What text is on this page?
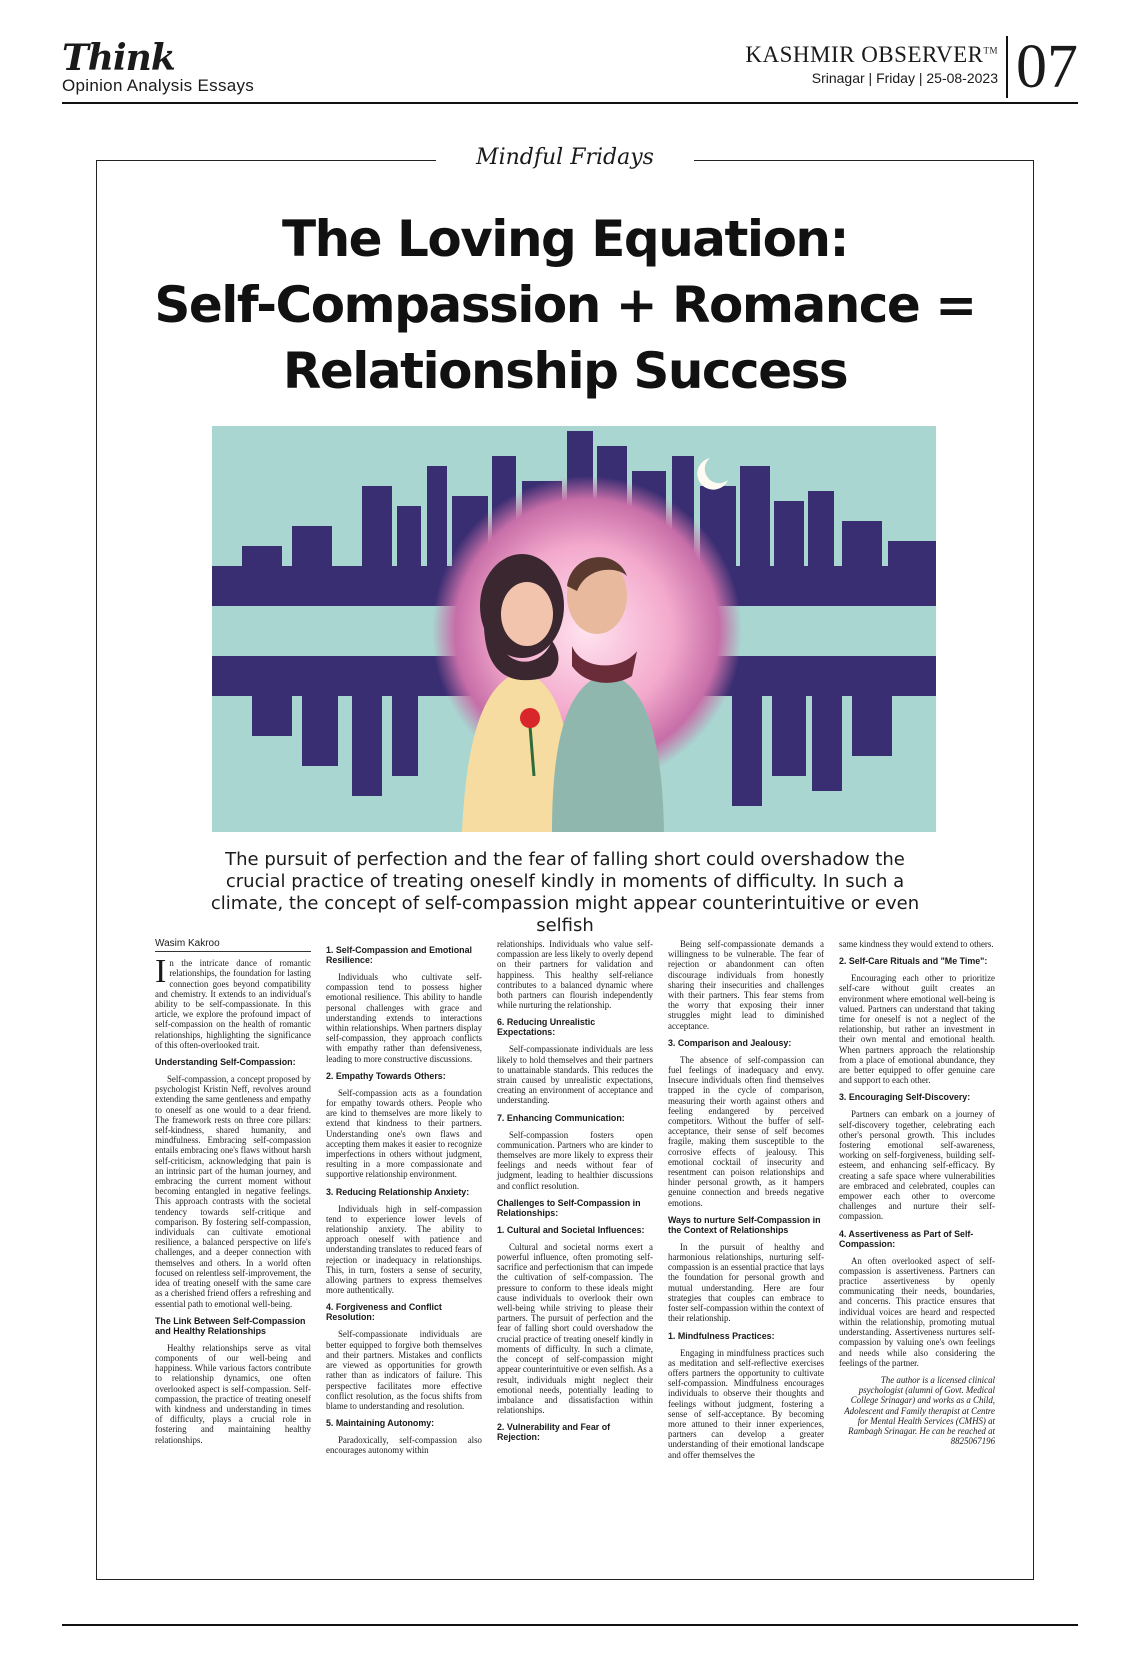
Think
Opinion Analysis Essays
KASHMIR OBSERVER™
Srinagar | Friday | 25-08-2023 07
Mindful Fridays
The Loving Equation:
Self-Compassion + Romance =
Relationship Success
The pursuit of perfection and the fear of falling short could overshadow the crucial practice of treating oneself kindly in moments of difficulty. In such a climate, the concept of self-compassion might appear counterintuitive or even selfish
Wasim Kakroo

In the intricate dance of romantic relationships, the foundation for lasting connection goes beyond compatibility and chemistry. It extends to an individual's ability to be self-compassionate. In this article, we explore the profound impact of self-compassion on the health of romantic relationships, highlighting the significance of this often-overlooked trait.

Understanding Self-Compassion:

Self-compassion, a concept proposed by psychologist Kristin Neff, revolves around extending the same gentleness and empathy to oneself as one would to a dear friend. The framework rests on three core pillars: self-kindness, shared humanity, and mindfulness. Embracing self-compassion entails embracing one's flaws without harsh self-criticism, acknowledging that pain is an intrinsic part of the human journey, and embracing the current moment without becoming entangled in negative feelings. This approach contrasts with the societal tendency towards self-critique and comparison. By fostering self-compassion, individuals can cultivate emotional resilience, a balanced perspective on life's challenges, and a deeper connection with themselves and others. In a world often focused on relentless self-improvement, the idea of treating oneself with the same care as a cherished friend offers a refreshing and essential path to emotional well-being.

The Link Between Self-Compassion and Healthy Relationships

Healthy relationships serve as vital components of our well-being and happiness. While various factors contribute to relationship dynamics, one often overlooked aspect is self-compassion. Self-compassion, the practice of treating oneself with kindness and understanding in times of difficulty, plays a crucial role in fostering and maintaining healthy relationships.

1. Self-Compassion and Emotional Resilience:

Individuals who cultivate self-compassion tend to possess higher emotional resilience. This ability to handle personal challenges with grace and understanding extends to interactions within relationships. When partners display self-compassion, they approach conflicts with empathy rather than defensiveness, leading to more constructive discussions.

2. Empathy Towards Others:

Self-compassion acts as a foundation for empathy towards others. People who are kind to themselves are more likely to extend that kindness to their partners. Understanding one's own flaws and accepting them makes it easier to recognize imperfections in others without judgment, resulting in a more compassionate and supportive relationship environment.

3. Reducing Relationship Anxiety:

Individuals high in self-compassion tend to experience lower levels of relationship anxiety. The ability to approach oneself with patience and understanding translates to reduced fears of rejection or inadequacy in relationships. This, in turn, fosters a sense of security, allowing partners to express themselves more authentically.

4. Forgiveness and Conflict Resolution:

Self-compassionate individuals are better equipped to forgive both themselves and their partners. Mistakes and conflicts are viewed as opportunities for growth rather than as indicators of failure. This perspective facilitates more effective conflict resolution, as the focus shifts from blame to understanding and resolution.

5. Maintaining Autonomy:

Paradoxically, self-compassion also encourages autonomy within

relationships. Individuals who value self-compassion are less likely to overly depend on their partners for validation and happiness. This healthy self-reliance contributes to a balanced dynamic where both partners can flourish independently while nurturing the relationship.

6. Reducing Unrealistic Expectations:

Self-compassionate individuals are less likely to hold themselves and their partners to unattainable standards. This reduces the strain caused by unrealistic expectations, creating an environment of acceptance and understanding.

7. Enhancing Communication:

Self-compassion fosters open communication. Partners who are kinder to themselves are more likely to express their feelings and needs without fear of judgment, leading to healthier discussions and conflict resolution.

Challenges to Self-Compassion in Relationships:
1. Cultural and Societal Influences:

Cultural and societal norms exert a powerful influence, often promoting self-sacrifice and perfectionism that can impede the cultivation of self-compassion. The pressure to conform to these ideals might cause individuals to overlook their own well-being while striving to please their partners. The pursuit of perfection and the fear of falling short could overshadow the crucial practice of treating oneself kindly in moments of difficulty. In such a climate, the concept of self-compassion might appear counterintuitive or even selfish. As a result, individuals might neglect their emotional needs, potentially leading to imbalance and dissatisfaction within relationships.

2. Vulnerability and Fear of Rejection:

Being self-compassionate demands a willingness to be vulnerable. The fear of rejection or abandonment can often discourage individuals from honestly sharing their insecurities and challenges with their partners. This fear stems from the worry that exposing their inner struggles might lead to diminished acceptance.

3. Comparison and Jealousy:

The absence of self-compassion can fuel feelings of inadequacy and envy. Insecure individuals often find themselves trapped in the cycle of comparison, measuring their worth against others and feeling endangered by perceived competitors. Without the buffer of self-acceptance, their sense of self becomes fragile, making them susceptible to the corrosive effects of jealousy. This emotional cocktail of insecurity and resentment can poison relationships and hinder personal growth, as it hampers genuine connection and breeds negative emotions.

Ways to nurture Self-Compassion in the Context of Relationships

In the pursuit of healthy and harmonious relationships, nurturing self-compassion is an essential practice that lays the foundation for personal growth and mutual understanding. Here are four strategies that couples can embrace to foster self-compassion within the context of their relationship.

1. Mindfulness Practices:

Engaging in mindfulness practices such as meditation and self-reflective exercises offers partners the opportunity to cultivate self-compassion. Mindfulness encourages individuals to observe their thoughts and feelings without judgment, fostering a sense of self-acceptance. By becoming more attuned to their inner experiences, partners can develop a greater understanding of their emotional landscape and offer themselves the

same kindness they would extend to others.

2. Self-Care Rituals and "Me Time":

Encouraging each other to prioritize self-care without guilt creates an environment where emotional well-being is valued. Partners can understand that taking time for oneself is not a neglect of the relationship, but rather an investment in their own mental and emotional health. When partners approach the relationship from a place of emotional abundance, they are better equipped to offer genuine care and support to each other.

3. Encouraging Self-Discovery:

Partners can embark on a journey of self-discovery together, celebrating each other's personal growth. This includes fostering emotional self-awareness, working on self-forgiveness, building self-esteem, and enhancing self-efficacy. By creating a safe space where vulnerabilities are embraced and celebrated, couples can empower each other to overcome challenges and nurture their self-compassion.

4. Assertiveness as Part of Self-Compassion:

An often overlooked aspect of self-compassion is assertiveness. Partners can practice assertiveness by openly communicating their needs, boundaries, and concerns. This practice ensures that individual voices are heard and respected within the relationship, promoting mutual understanding. Assertiveness nurtures self-compassion by valuing one's own feelings and needs while also considering the feelings of the partner.

The author is a licensed clinical psychologist (alumni of Govt. Medical College Srinagar) and works as a Child, Adolescent and Family therapist at Centre for Mental Health Services (CMHS) at Rambagh Srinagar. He can be reached at 8825067196
